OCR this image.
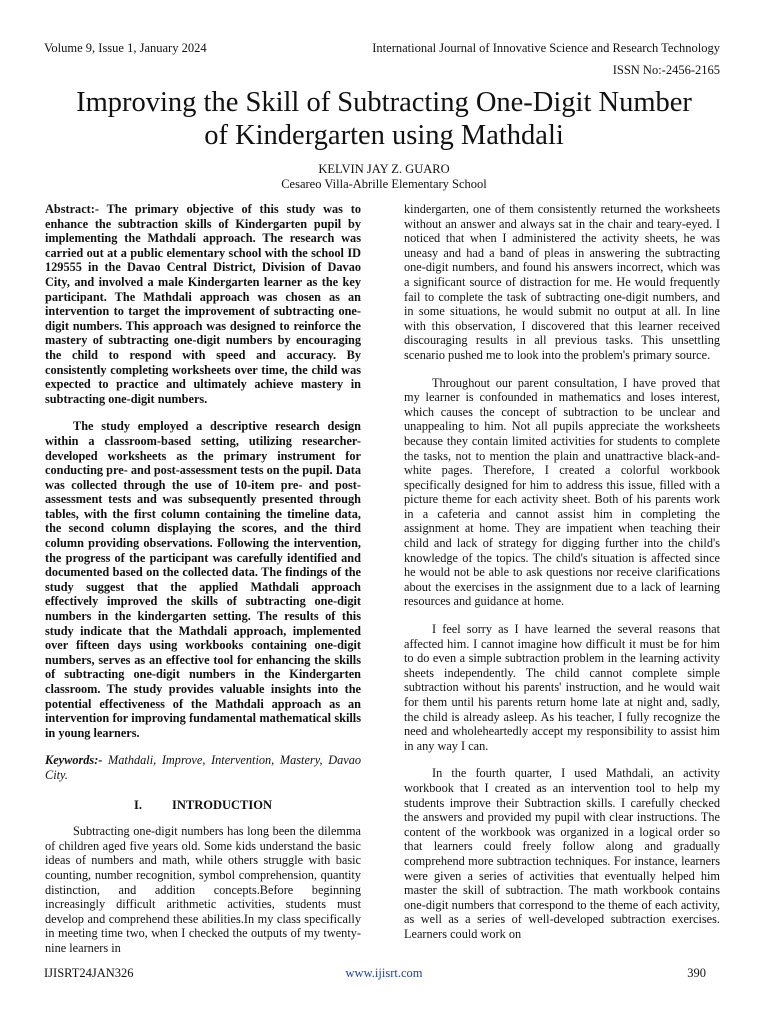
Volume 9, Issue 1, January 2024	International Journal of Innovative Science and Research Technology
ISSN No:-2456-2165
Improving the Skill of Subtracting One-Digit Number
of Kindergarten using Mathdali
KELVIN JAY Z. GUARO
Cesareo Villa-Abrille Elementary School

Abstract:- The primary objective of this study was to enhance the subtraction skills of Kindergarten pupil by implementing the Mathdali approach. The research was carried out at a public elementary school with the school ID 129555 in the Davao Central District, Division of Davao City, and involved a male Kindergarten learner as the key participant. The Mathdali approach was chosen as an intervention to target the improvement of subtracting one-digit numbers. This approach was designed to reinforce the mastery of subtracting one-digit numbers by encouraging the child to respond with speed and accuracy. By consistently completing worksheets over time, the child was expected to practice and ultimately achieve mastery in subtracting one-digit numbers.

The study employed a descriptive research design within a classroom-based setting, utilizing researcher-developed worksheets as the primary instrument for conducting pre- and post-assessment tests on the pupil. Data was collected through the use of 10-item pre- and post-assessment tests and was subsequently presented through tables, with the first column containing the timeline data, the second column displaying the scores, and the third column providing observations. Following the intervention, the progress of the participant was carefully identified and documented based on the collected data. The findings of the study suggest that the applied Mathdali approach effectively improved the skills of subtracting one-digit numbers in the kindergarten setting. The results of this study indicate that the Mathdali approach, implemented over fifteen days using workbooks containing one-digit numbers, serves as an effective tool for enhancing the skills of subtracting one-digit numbers in the Kindergarten classroom. The study provides valuable insights into the potential effectiveness of the Mathdali approach as an intervention for improving fundamental mathematical skills in young learners.

Keywords:- Mathdali, Improve, Intervention, Mastery, Davao City.

I. INTRODUCTION

Subtracting one-digit numbers has long been the dilemma of children aged five years old. Some kids understand the basic ideas of numbers and math, while others struggle with basic counting, number recognition, symbol comprehension, quantity distinction, and addition concepts.Before beginning increasingly difficult arithmetic activities, students must develop and comprehend these abilities.In my class specifically in meeting time two, when I checked the outputs of my twenty-nine learners in

kindergarten, one of them consistently returned the worksheets without an answer and always sat in the chair and teary-eyed. I noticed that when I administered the activity sheets, he was uneasy and had a band of pleas in answering the subtracting one-digit numbers, and found his answers incorrect, which was a significant source of distraction for me. He would frequently fail to complete the task of subtracting one-digit numbers, and in some situations, he would submit no output at all. In line with this observation, I discovered that this learner received discouraging results in all previous tasks. This unsettling scenario pushed me to look into the problem's primary source.

Throughout our parent consultation, I have proved that my learner is confounded in mathematics and loses interest, which causes the concept of subtraction to be unclear and unappealing to him. Not all pupils appreciate the worksheets because they contain limited activities for students to complete the tasks, not to mention the plain and unattractive black-and-white pages. Therefore, I created a colorful workbook specifically designed for him to address this issue, filled with a picture theme for each activity sheet. Both of his parents work in a cafeteria and cannot assist him in completing the assignment at home. They are impatient when teaching their child and lack of strategy for digging further into the child's knowledge of the topics. The child's situation is affected since he would not be able to ask questions nor receive clarifications about the exercises in the assignment due to a lack of learning resources and guidance at home.

I feel sorry as I have learned the several reasons that affected him. I cannot imagine how difficult it must be for him to do even a simple subtraction problem in the learning activity sheets independently. The child cannot complete simple subtraction without his parents' instruction, and he would wait for them until his parents return home late at night and, sadly, the child is already asleep. As his teacher, I fully recognize the need and wholeheartedly accept my responsibility to assist him in any way I can.

In the fourth quarter, I used Mathdali, an activity workbook that I created as an intervention tool to help my students improve their Subtraction skills. I carefully checked the answers and provided my pupil with clear instructions. The content of the workbook was organized in a logical order so that learners could freely follow along and gradually comprehend more subtraction techniques. For instance, learners were given a series of activities that eventually helped him master the skill of subtraction. The math workbook contains one-digit numbers that correspond to the theme of each activity, as well as a series of well-developed subtraction exercises. Learners could work on

IJISRT24JAN326	www.ijisrt.com	390
